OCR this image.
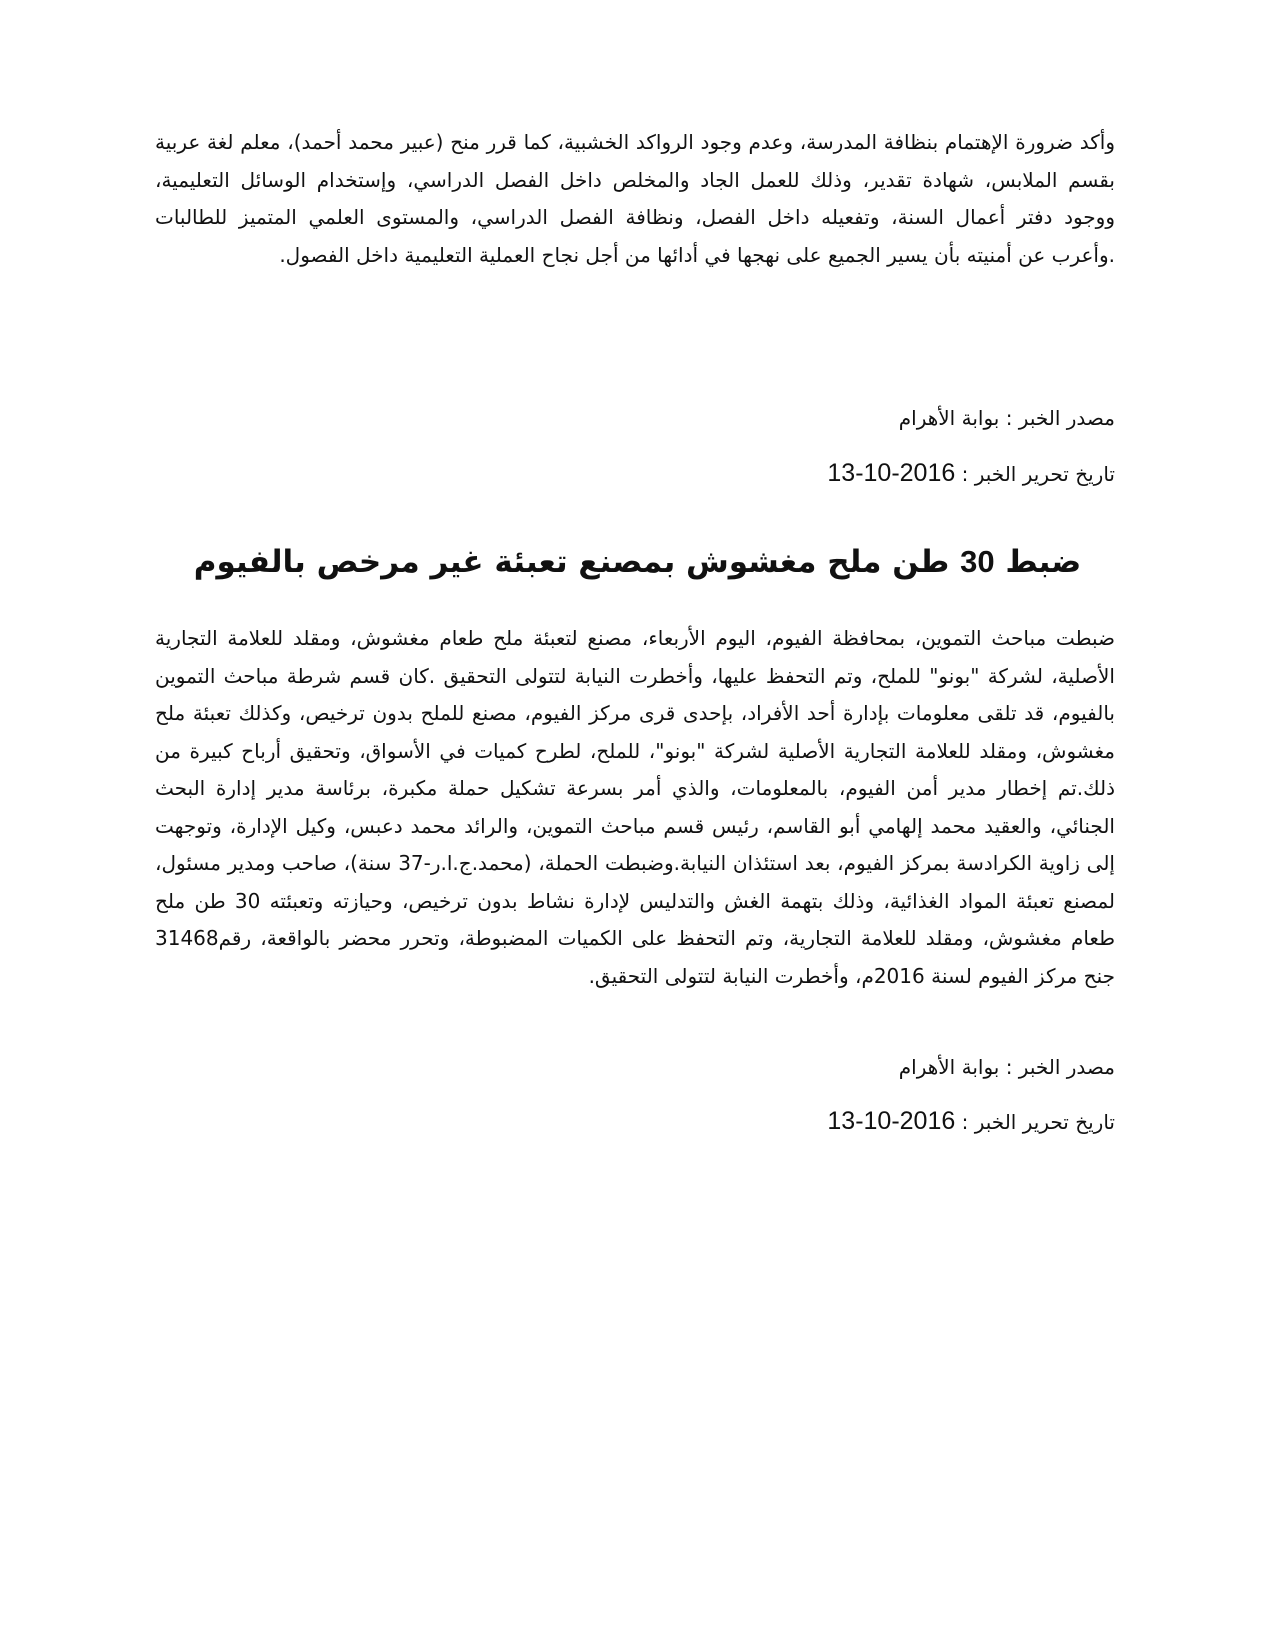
وأكد ضرورة الإهتمام بنظافة المدرسة، وعدم وجود الرواكد الخشبية، كما قرر منح (عبير محمد أحمد)، معلم لغة عربية بقسم الملابس، شهادة تقدير، وذلك للعمل الجاد والمخلص داخل الفصل الدراسي، وإستخدام الوسائل التعليمية، ووجود دفتر أعمال السنة، وتفعيله داخل الفصل، ونظافة الفصل الدراسي، والمستوى العلمي المتميز للطالبات .وأعرب عن أمنيته بأن يسير الجميع على نهجها في أدائها من أجل نجاح العملية التعليمية داخل الفصول.

مصدر الخبر : بوابة الأهرام
تاريخ تحرير الخبر : 2016-10-13
ضبط 30 طن ملح مغشوش بمصنع تعبئة غير مرخص بالفيوم

ضبطت مباحث التموين، بمحافظة الفيوم، اليوم الأربعاء، مصنع لتعبئة ملح طعام مغشوش، ومقلد للعلامة التجارية الأصلية، لشركة "بونو" للملح، وتم التحفظ عليها، وأخطرت النيابة لتتولى التحقيق .كان قسم شرطة مباحث التموين بالفيوم، قد تلقى معلومات بإدارة أحد الأفراد، بإحدى قرى مركز الفيوم، مصنع للملح بدون ترخيص، وكذلك تعبئة ملح مغشوش، ومقلد للعلامة التجارية الأصلية لشركة "بونو"، للملح، لطرح كميات في الأسواق، وتحقيق أرباح كبيرة من ذلك.تم إخطار مدير أمن الفيوم، بالمعلومات، والذي أمر بسرعة تشكيل حملة مكبرة، برئاسة مدير إدارة البحث الجنائي، والعقيد محمد إلهامي أبو القاسم، رئيس قسم مباحث التموين، والرائد محمد دعبس، وكيل الإدارة، وتوجهت إلى زاوية الكرادسة بمركز الفيوم، بعد استئذان النيابة.وضبطت الحملة، (محمد.ج.ا.ر-37 سنة)، صاحب ومدير مسئول، لمصنع تعبئة المواد الغذائية، وذلك بتهمة الغش والتدليس لإدارة نشاط بدون ترخيص، وحيازته وتعبئته 30 طن ملح طعام مغشوش، ومقلد للعلامة التجارية، وتم التحفظ على الكميات المضبوطة، وتحرر محضر بالواقعة، رقم31468 جنح مركز الفيوم لسنة 2016م، وأخطرت النيابة لتتولى التحقيق.

مصدر الخبر : بوابة الأهرام
تاريخ تحرير الخبر : 2016-10-13
